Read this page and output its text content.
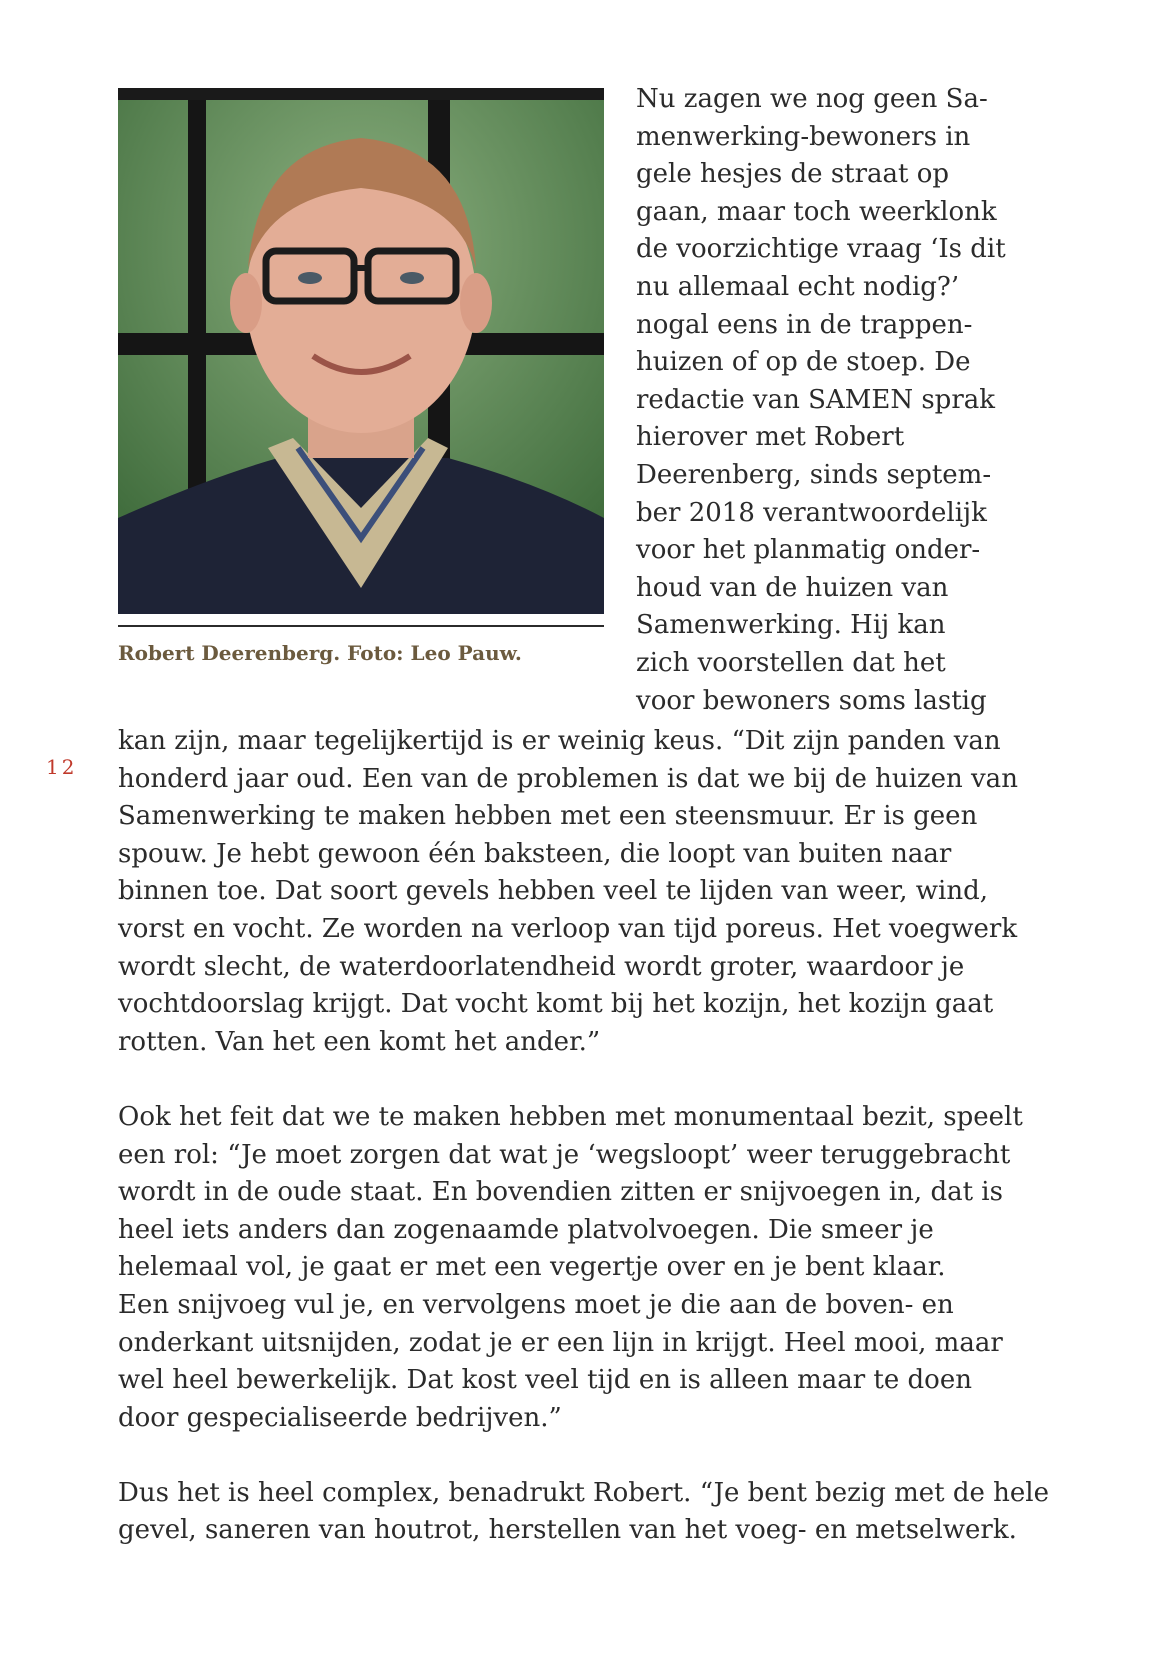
12
Robert Deerenberg. Foto: Leo Pauw.

Nu zagen we nog geen Sa-
menwerking-bewoners in
gele hesjes de straat op
gaan, maar toch weerklonk
de voorzichtige vraag ‘Is dit
nu allemaal echt nodig?’
nogal eens in de trappen-
huizen of op de stoep. De
redactie van SAMEN sprak
hierover met Robert
Deerenberg, sinds septem-
ber 2018 verantwoordelijk
voor het planmatig onder-
houd van de huizen van
Samenwerking. Hij kan
zich voorstellen dat het
voor bewoners soms lastig

kan zijn, maar tegelijkertijd is er weinig keus. “Dit zijn panden van
honderd jaar oud. Een van de problemen is dat we bij de huizen van
Samenwerking te maken hebben met een steensmuur. Er is geen
spouw. Je hebt gewoon één baksteen, die loopt van buiten naar
binnen toe. Dat soort gevels hebben veel te lijden van weer, wind,
vorst en vocht. Ze worden na verloop van tijd poreus. Het voegwerk
wordt slecht, de waterdoorlatendheid wordt groter, waardoor je
vochtdoorslag krijgt. Dat vocht komt bij het kozijn, het kozijn gaat
rotten. Van het een komt het ander.”

Ook het feit dat we te maken hebben met monumentaal bezit, speelt
een rol: “Je moet zorgen dat wat je ‘wegsloopt’ weer teruggebracht
wordt in de oude staat. En bovendien zitten er snijvoegen in, dat is
heel iets anders dan zogenaamde platvolvoegen. Die smeer je
helemaal vol, je gaat er met een vegertje over en je bent klaar.
Een snijvoeg vul je, en vervolgens moet je die aan de boven- en
onderkant uitsnijden, zodat je er een lijn in krijgt. Heel mooi, maar
wel heel bewerkelijk. Dat kost veel tijd en is alleen maar te doen
door gespecialiseerde bedrijven.”

Dus het is heel complex, benadrukt Robert. “Je bent bezig met de hele
gevel, saneren van houtrot, herstellen van het voeg- en metselwerk.
